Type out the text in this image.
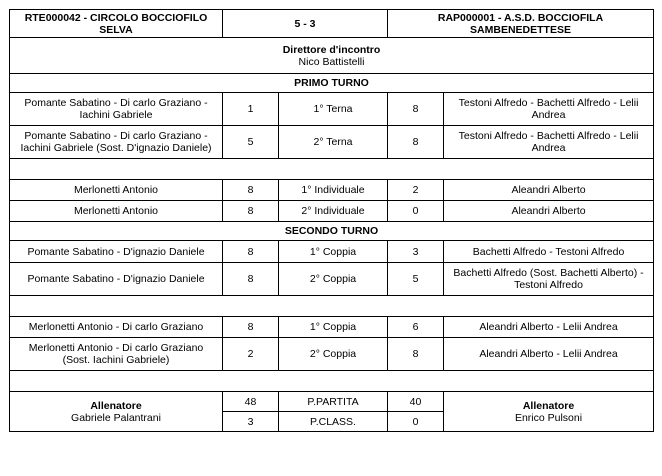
RTE000042 - CIRCOLO BOCCIOFILO SELVA	5 - 3		RAP000001 - A.S.D. BOCCIOFILA
SAMBENEDETTESE	
Direttore d'incontro
Nico Battistelli				
PRIMO TURNO				
Pomante Sabatino - Di carlo Graziano -
Iachini Gabriele	1	1° Terna	8	Testoni Alfredo - Bachetti Alfredo - Lelii
Andrea
Pomante Sabatino - Di carlo Graziano -
Iachini Gabriele (Sost. D'ignazio Daniele)	5	2° Terna	8	Testoni Alfredo - Bachetti Alfredo - Lelii
Andrea

Merlonetti Antonio	8	1° Individuale	2	Aleandri Alberto
Merlonetti Antonio	8	2° Individuale	0	Aleandri Alberto
SECONDO TURNO				
Pomante Sabatino - D'ignazio Daniele	8	1° Coppia	3	Bachetti Alfredo - Testoni Alfredo
Pomante Sabatino - D'ignazio Daniele	8	2° Coppia	5	Bachetti Alfredo (Sost. Bachetti Alberto) -
Testoni Alfredo

Merlonetti Antonio - Di carlo Graziano	8	1° Coppia	6	Aleandri Alberto - Lelii Andrea
Merlonetti Antonio - Di carlo Graziano
(Sost. Iachini Gabriele)	2	2° Coppia	8	Aleandri Alberto - Lelii Andrea

Allenatore
Gabriele Palantrani	48	P.PARTITA	40	Allenatore
Enrico Pulsoni
	3	P.CLASS.	0	
